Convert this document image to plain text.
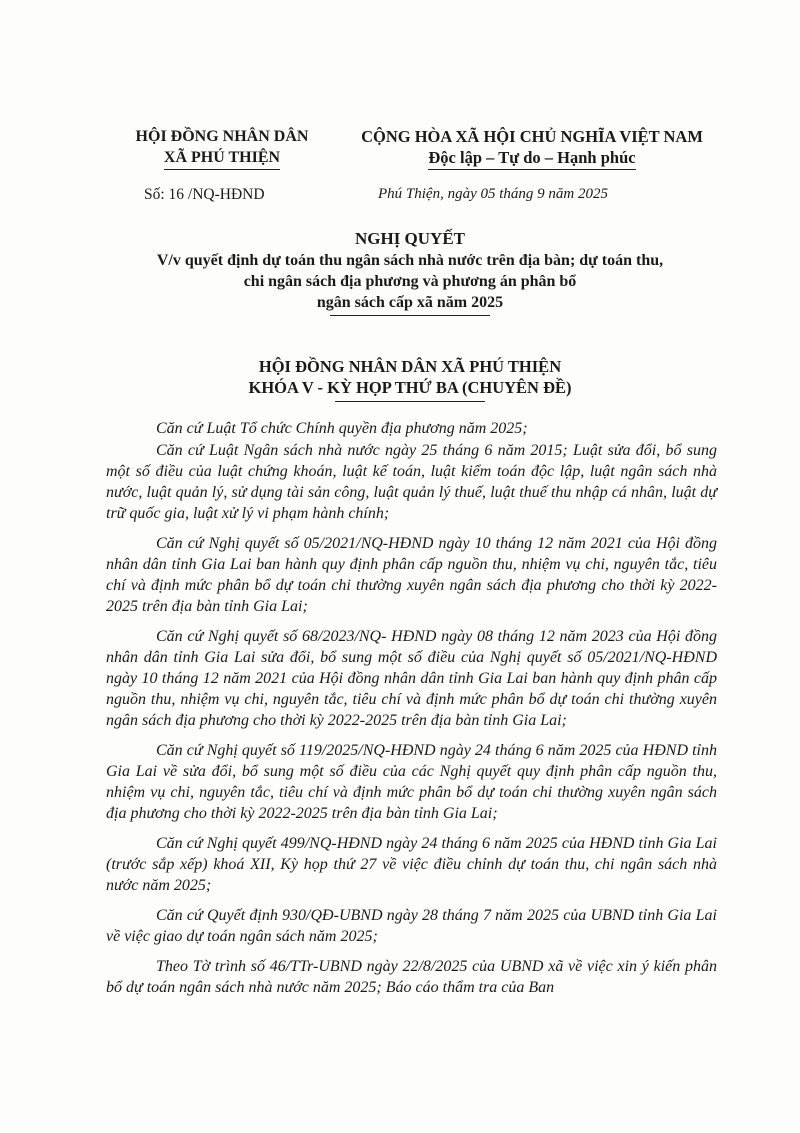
HỘI ĐỒNG NHÂN DÂN
XÃ PHÚ THIỆN
CỘNG HÒA XÃ HỘI CHỦ NGHĨA VIỆT NAM
Độc lập – Tự do – Hạnh phúc
Số: 16 /NQ-HĐND	Phú Thiện, ngày 05 tháng 9 năm 2025
NGHỊ QUYẾT
V/v quyết định dự toán thu ngân sách nhà nước trên địa bàn; dự toán thu,
chi ngân sách địa phương và phương án phân bổ
ngân sách cấp xã năm 2025
HỘI ĐỒNG NHÂN DÂN XÃ PHÚ THIỆN
KHÓA V - KỲ HỌP THỨ BA (CHUYÊN ĐỀ)

Căn cứ Luật Tổ chức Chính quyền địa phương năm 2025;

Căn cứ Luật Ngân sách nhà nước ngày 25 tháng 6 năm 2015; Luật sửa đổi, bổ sung một số điều của luật chứng khoán, luật kế toán, luật kiểm toán độc lập, luật ngân sách nhà nước, luật quản lý, sử dụng tài sản công, luật quản lý thuế, luật thuế thu nhập cá nhân, luật dự trữ quốc gia, luật xử lý vi phạm hành chính;

Căn cứ Nghị quyết số 05/2021/NQ-HĐND ngày 10 tháng 12 năm 2021 của Hội đồng nhân dân tỉnh Gia Lai ban hành quy định phân cấp nguồn thu, nhiệm vụ chi, nguyên tắc, tiêu chí và định mức phân bổ dự toán chi thường xuyên ngân sách địa phương cho thời kỳ 2022-2025 trên địa bàn tỉnh Gia Lai;

Căn cứ Nghị quyết số 68/2023/NQ- HĐND ngày 08 tháng 12 năm 2023 của Hội đồng nhân dân tỉnh Gia Lai sửa đổi, bổ sung một số điều của Nghị quyết số 05/2021/NQ-HĐND ngày 10 tháng 12 năm 2021 của Hội đồng nhân dân tỉnh Gia Lai ban hành quy định phân cấp nguồn thu, nhiệm vụ chi, nguyên tắc, tiêu chí và định mức phân bổ dự toán chi thường xuyên ngân sách địa phương cho thời kỳ 2022-2025 trên địa bàn tỉnh Gia Lai;

Căn cứ Nghị quyết số 119/2025/NQ-HĐND ngày 24 tháng 6 năm 2025 của HĐND tỉnh Gia Lai về sửa đổi, bổ sung một số điều của các Nghị quyết quy định phân cấp nguồn thu, nhiệm vụ chi, nguyên tắc, tiêu chí và định mức phân bổ dự toán chi thường xuyên ngân sách địa phương cho thời kỳ 2022-2025 trên địa bàn tỉnh Gia Lai;

Căn cứ Nghị quyết 499/NQ-HĐND ngày 24 tháng 6 năm 2025 của HĐND tỉnh Gia Lai (trước sắp xếp) khoá XII, Kỳ họp thứ 27 về việc điều chỉnh dự toán thu, chi ngân sách nhà nước năm 2025;

Căn cứ Quyết định 930/QĐ-UBND ngày 28 tháng 7 năm 2025 của UBND tỉnh Gia Lai về việc giao dự toán ngân sách năm 2025;

Theo Tờ trình số 46/TTr-UBND ngày 22/8/2025 của UBND xã về việc xin ý kiến phân bổ dự toán ngân sách nhà nước năm 2025; Báo cáo thẩm tra của Ban
